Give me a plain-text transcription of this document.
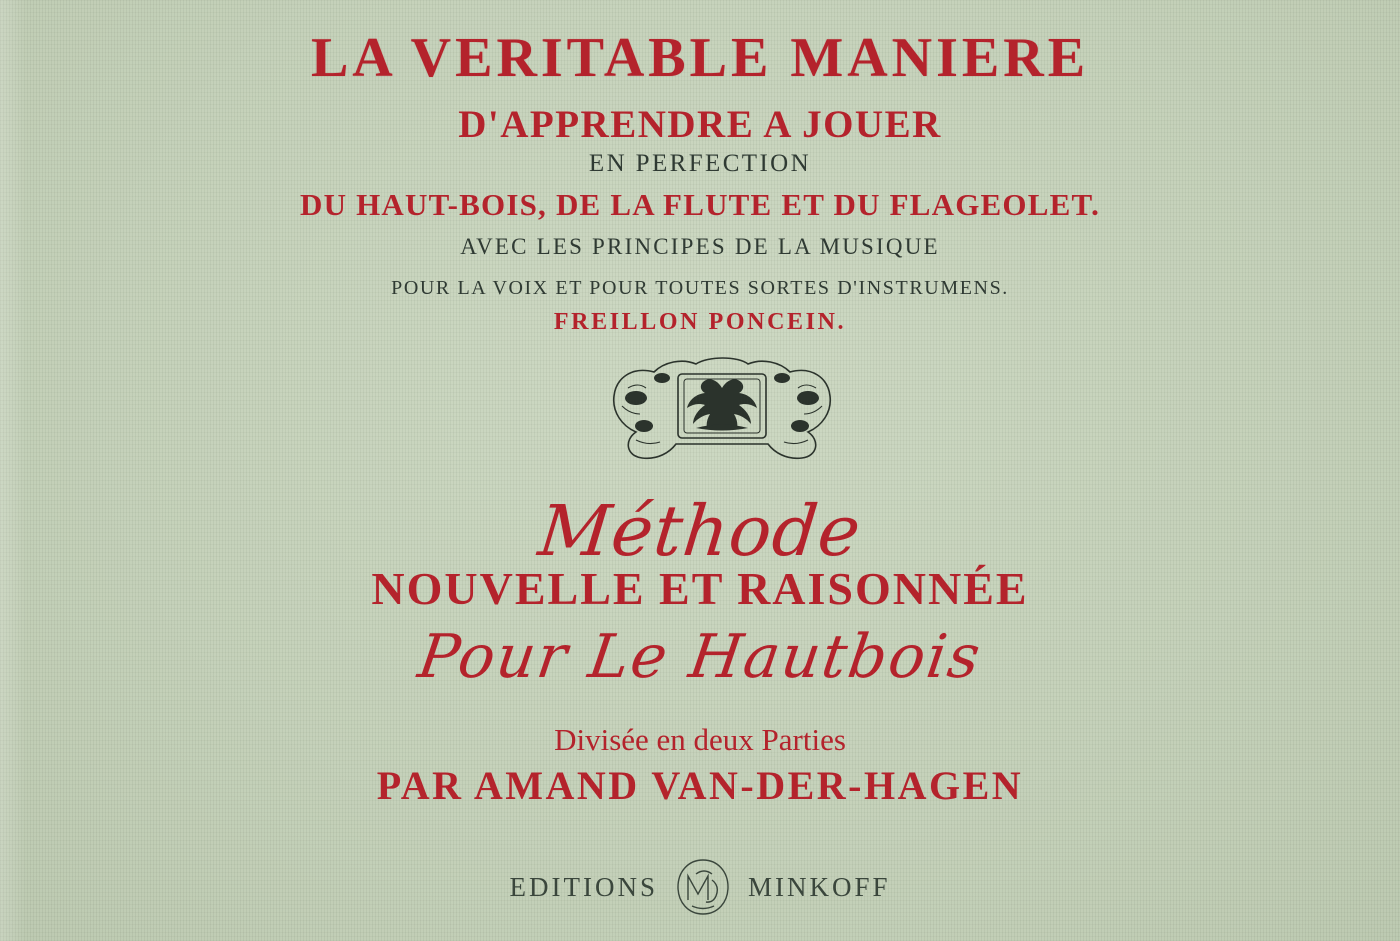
LA VERITABLE MANIERE
D'APPRENDRE A JOUER
EN PERFECTION
DU HAUT-BOIS, DE LA FLUTE ET DU FLAGEOLET.
AVEC LES PRINCIPES DE LA MUSIQUE
POUR LA VOIX ET POUR TOUTES SORTES D'INSTRUMENS.
FREILLON PONCEIN.
Méthode
NOUVELLE ET RAISONNÉE
Pour Le Hautbois
Divisée en deux Parties
PAR AMAND VAN-DER-HAGEN
EDITIONS	MINKOFF
